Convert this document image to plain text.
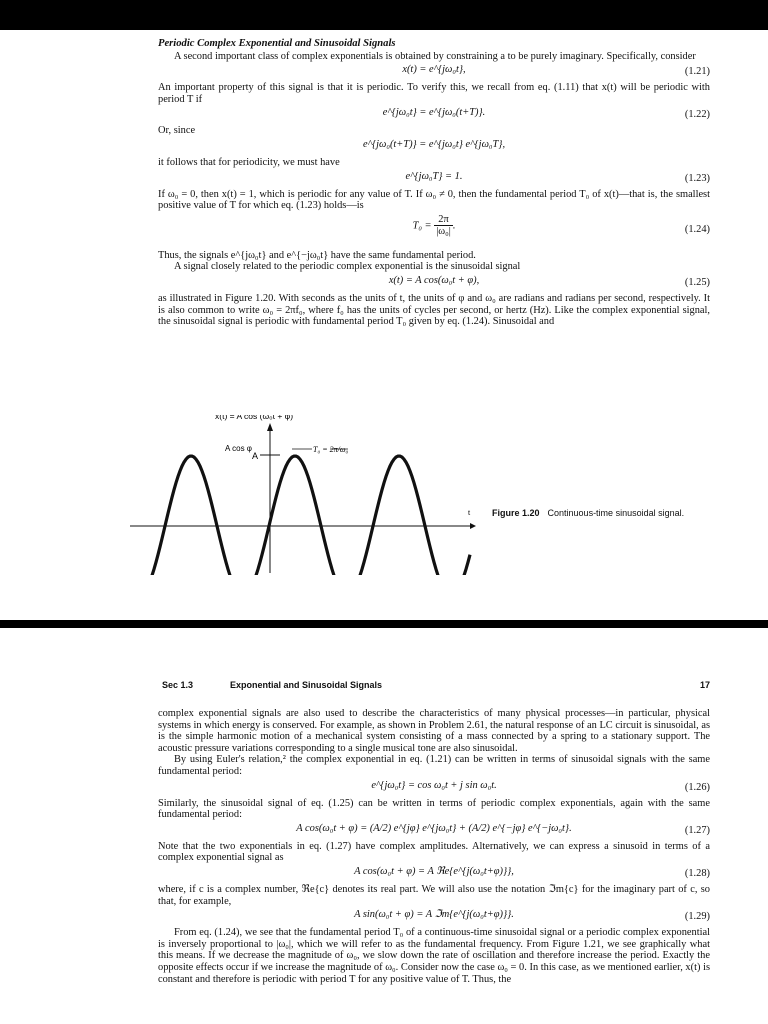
Periodic Complex Exponential and Sinusoidal Signals

A second important class of complex exponentials is obtained by constraining a to be purely imaginary. Specifically, consider

x(t) = e^{jω₀t},	(1.21)

An important property of this signal is that it is periodic. To verify this, we recall from eq. (1.11) that x(t) will be periodic with period T if

e^{jω₀t} = e^{jω₀(t+T)}.	(1.22)

Or, since

e^{jω₀(t+T)} = e^{jω₀t} e^{jω₀T},

it follows that for periodicity, we must have

e^{jω₀T} = 1.	(1.23)

If ω₀ = 0, then x(t) = 1, which is periodic for any value of T. If ω₀ ≠ 0, then the fundamental period T₀ of x(t)—that is, the smallest positive value of T for which eq. (1.23) holds—is

$T_0 = \frac{2\pi}{\text{|ω₀|}}$ .	(1.24)

Thus, the signals e^{jω₀t} and e^{−jω₀t} have the same fundamental period.

A signal closely related to the periodic complex exponential is the sinusoidal signal

x(t) = A cos(ω₀t + φ),	(1.25)

as illustrated in Figure 1.20. With seconds as the units of t, the units of φ and ω₀ are radians and radians per second, respectively. It is also common to write ω₀ = 2πf₀, where f₀ has the units of cycles per second, or hertz (Hz). Like the complex exponential signal, the sinusoidal signal is periodic with fundamental period T₀ given by eq. (1.24). Sinusoidal and

x(t) = A cos (ω₀t + φ)
A
A cos φ
t
T₀ = 2π/ω₀
Figure 1.20 Continuous-time sinusoidal signal.
Sec 1.3	Exponential and Sinusoidal Signals	17

complex exponential signals are also used to describe the characteristics of many physical processes—in particular, physical systems in which energy is conserved. For example, as shown in Problem 2.61, the natural response of an LC circuit is sinusoidal, as is the simple harmonic motion of a mechanical system consisting of a mass connected by a spring to a stationary support. The acoustic pressure variations corresponding to a single musical tone are also sinusoidal.

By using Euler's relation,² the complex exponential in eq. (1.21) can be written in terms of sinusoidal signals with the same fundamental period:

e^{jω₀t} = cos ω₀t + j sin ω₀t.	(1.26)

Similarly, the sinusoidal signal of eq. (1.25) can be written in terms of periodic complex exponentials, again with the same fundamental period:

A cos(ω₀t + φ) = (A/2) e^{jφ} e^{jω₀t} + (A/2) e^{−jφ} e^{−jω₀t}.	(1.27)

Note that the two exponentials in eq. (1.27) have complex amplitudes. Alternatively, we can express a sinusoid in terms of a complex exponential signal as

A cos(ω₀t + φ) = A ℜe{e^{j(ω₀t+φ)}},	(1.28)

where, if c is a complex number, ℜe{c} denotes its real part. We will also use the notation ℑm{c} for the imaginary part of c, so that, for example,

A sin(ω₀t + φ) = A ℑm{e^{j(ω₀t+φ)}}.	(1.29)

From eq. (1.24), we see that the fundamental period T₀ of a continuous-time sinusoidal signal or a periodic complex exponential is inversely proportional to |ω₀|, which we will refer to as the fundamental frequency. From Figure 1.21, we see graphically what this means. If we decrease the magnitude of ω₀, we slow down the rate of oscillation and therefore increase the period. Exactly the opposite effects occur if we increase the magnitude of ω₀. Consider now the case ω₀ = 0. In this case, as we mentioned earlier, x(t) is constant and therefore is periodic with period T for any positive value of T. Thus, the
